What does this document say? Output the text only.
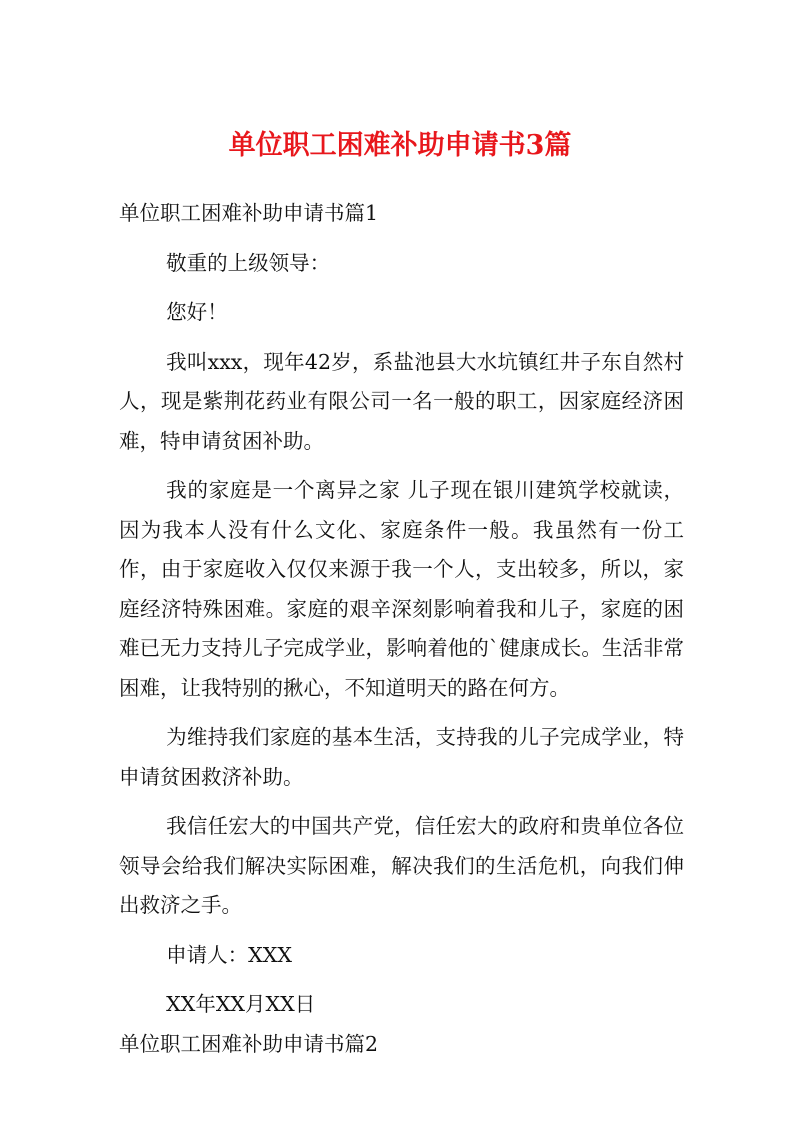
单位职工困难补助申请书3篇

单位职工困难补助申请书篇1

敬重的上级领导：

您好！

我叫xxx，现年42岁，系盐池县大水坑镇红井子东自然村人，现是紫荆花药业有限公司一名一般的职工，因家庭经济困难，特申请贫困补助。

我的家庭是一个离异之家 儿子现在银川建筑学校就读，因为我本人没有什么文化、家庭条件一般。我虽然有一份工作，由于家庭收入仅仅来源于我一个人，支出较多，所以，家庭经济特殊困难。家庭的艰辛深刻影响着我和儿子，家庭的困难已无力支持儿子完成学业，影响着他的`健康成长。生活非常困难，让我特别的揪心，不知道明天的路在何方。

为维持我们家庭的基本生活，支持我的儿子完成学业，特申请贫困救济补助。

我信任宏大的中国共产党，信任宏大的政府和贵单位各位领导会给我们解决实际困难，解决我们的生活危机，向我们伸出救济之手。

申请人：XXX

XX年XX月XX日

单位职工困难补助申请书篇2
